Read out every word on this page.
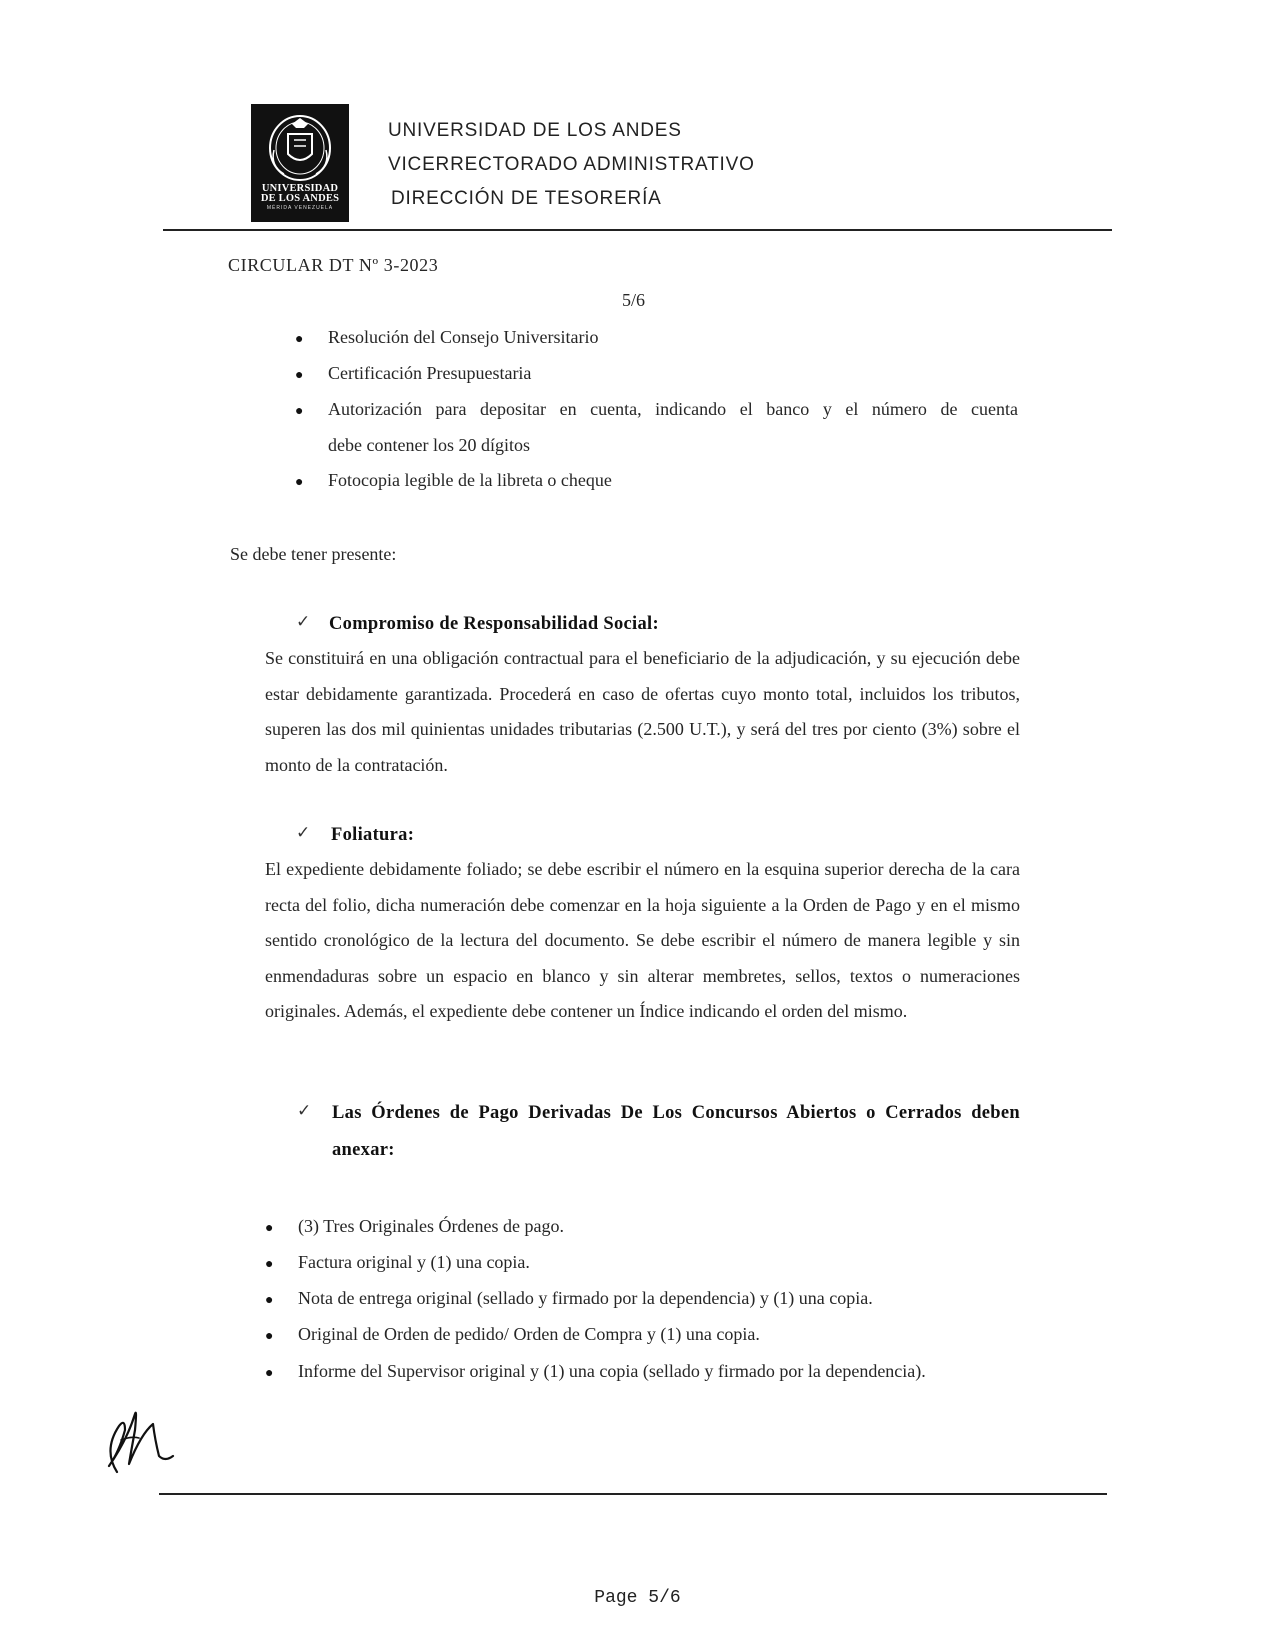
UNIVERSIDAD
DE LOS ANDES
MÉRIDA VENEZUELA
UNIVERSIDAD DE LOS ANDES
VICERRECTORADO ADMINISTRATIVO
DIRECCIÓN DE TESORERÍA
CIRCULAR DT Nº 3-2023
5/6
● Resolución del Consejo Universitario
● Certificación Presupuestaria
● Autorización para depositar en cuenta, indicando el banco y el número de cuenta
debe contener los 20 dígitos
● Fotocopia legible de la libreta o cheque
Se debe tener presente:
✓ Compromiso de Responsabilidad Social:
Se constituirá en una obligación contractual para el beneficiario de la adjudicación, y su ejecución debe estar debidamente garantizada. Procederá en caso de ofertas cuyo monto total, incluidos los tributos, superen las dos mil quinientas unidades tributarias (2.500 U.T.), y será del tres por ciento (3%) sobre el monto de la contratación.
✓ Foliatura:
El expediente debidamente foliado; se debe escribir el número en la esquina superior derecha de la cara recta del folio, dicha numeración debe comenzar en la hoja siguiente a la Orden de Pago y en el mismo sentido cronológico de la lectura del documento. Se debe escribir el número de manera legible y sin enmendaduras sobre un espacio en blanco y sin alterar membretes, sellos, textos o numeraciones originales. Además, el expediente debe contener un Índice indicando el orden del mismo.
✓ Las Órdenes de Pago Derivadas De Los Concursos Abiertos o Cerrados deben
anexar:
● (3) Tres Originales Órdenes de pago.
● Factura original y (1) una copia.
● Nota de entrega original (sellado y firmado por la dependencia) y (1) una copia.
● Original de Orden de pedido/ Orden de Compra y (1) una copia.
● Informe del Supervisor original y (1) una copia (sellado y firmado por la dependencia).
Page 5/6
